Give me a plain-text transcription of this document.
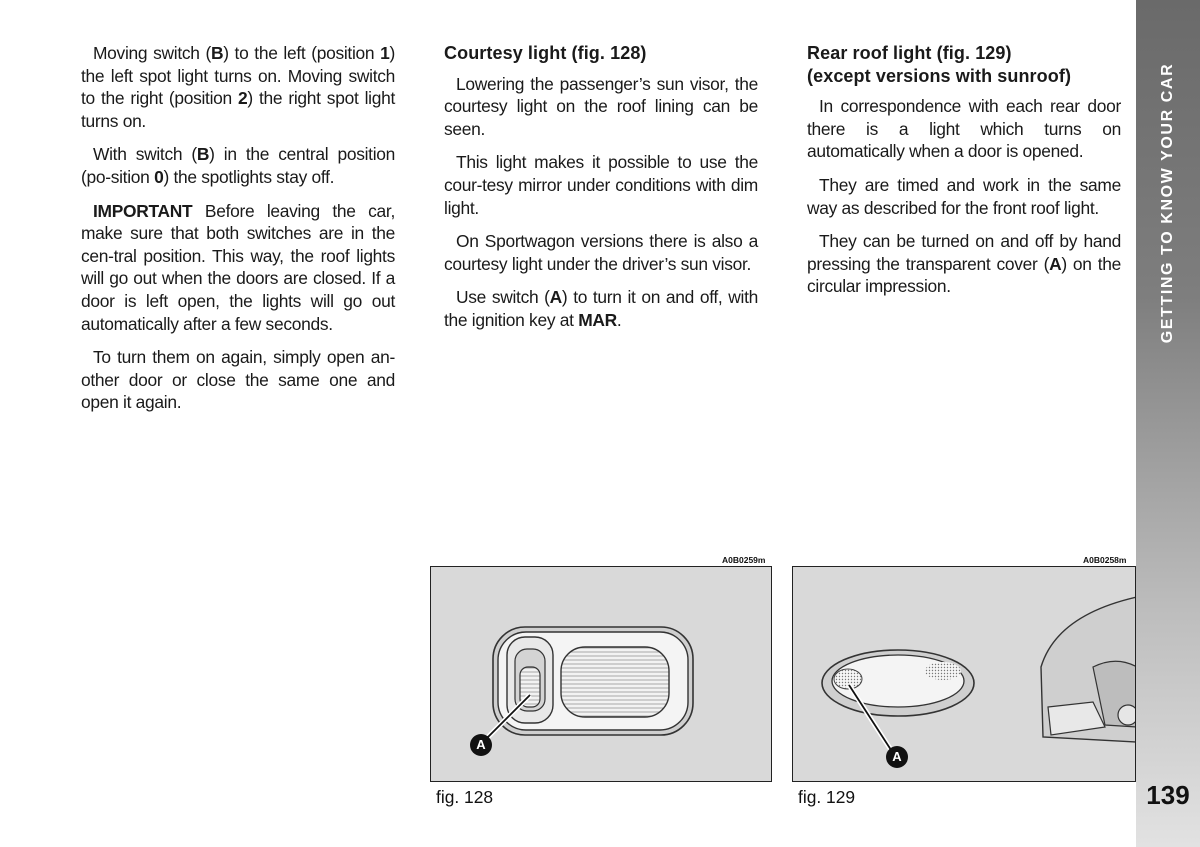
Moving switch (B) to the left (position 1) the left spot light turns on. Moving switch to the right (position 2) the right spot light turns on.

With switch (B) in the central position (po-sition 0) the spotlights stay off.

IMPORTANT Before leaving the car, make sure that both switches are in the cen-tral position. This way, the roof lights will go out when the doors are closed. If a door is left open, the lights will go out automatically after a few seconds.

To turn them on again, simply open an-other door or close the same one and open it again.

Courtesy light (fig. 128)

Lowering the passenger’s sun visor, the courtesy light on the roof lining can be seen.

This light makes it possible to use the cour-tesy mirror under conditions with dim light.

On Sportwagon versions there is also a courtesy light under the driver’s sun visor.

Use switch (A) to turn it on and off, with the ignition key at MAR.

Rear roof light (fig. 129)
(except versions with sunroof)

In correspondence with each rear door there is a light which turns on automatically when a door is opened.

They are timed and work in the same way as described for the front roof light.

They can be turned on and off by hand pressing the transparent cover (A) on the circular impression.	GETTING TO KNOW YOUR CAR
139
A0B0259m
A
fig. 128
A0B0258m
A
fig. 129
